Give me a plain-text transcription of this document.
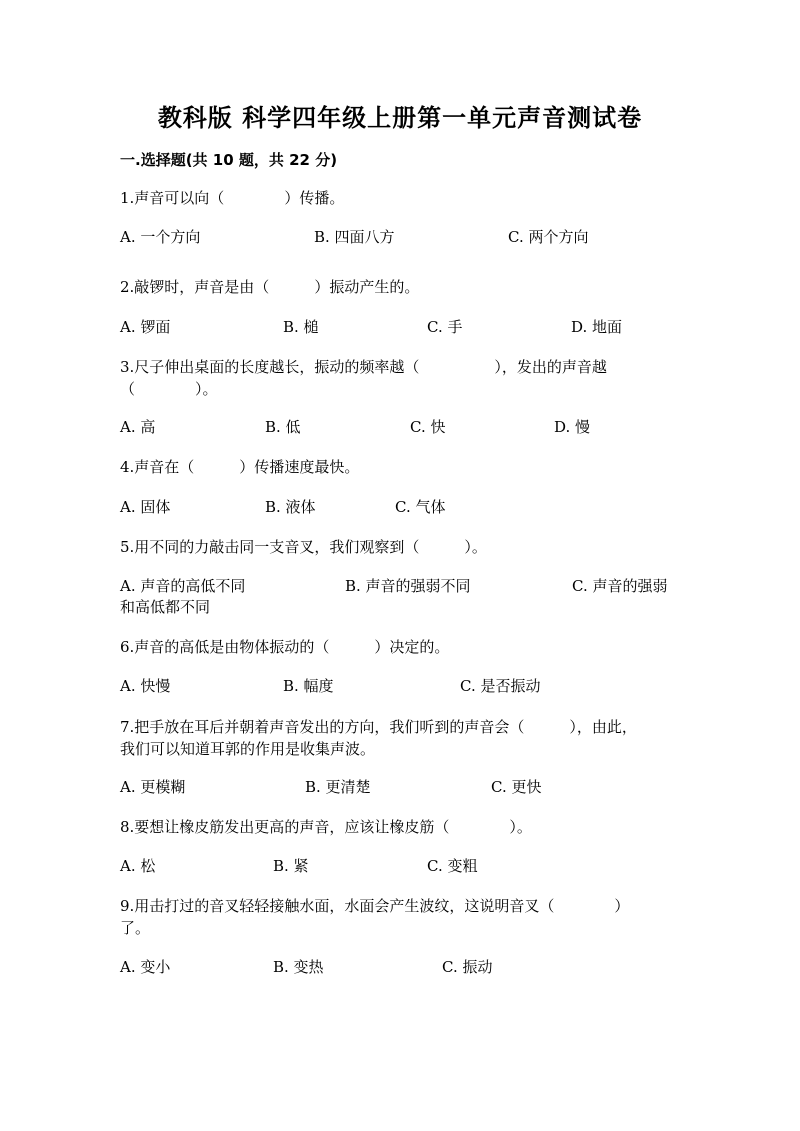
教科版 科学四年级上册第一单元声音测试卷
一.选择题(共 10 题，共 22 分)
1.声音可以向（　　　　）传播。
A. 一个方向	B. 四面八方	C. 两个方向
2.敲锣时，声音是由（　　　）振动产生的。
A. 锣面	B. 槌	C. 手	D. 地面
3.尺子伸出桌面的长度越长，振动的频率越（　　　　　），发出的声音越
（　　　　）。
A. 高	B. 低	C. 快	D. 慢
4.声音在（　　　）传播速度最快。
A. 固体	B. 液体	C. 气体
5.用不同的力敲击同一支音叉，我们观察到（　　　）。
A. 声音的高低不同	B. 声音的强弱不同	C. 声音的强弱
和高低都不同
6.声音的高低是由物体振动的（　　　）决定的。
A. 快慢	B. 幅度	C. 是否振动
7.把手放在耳后并朝着声音发出的方向，我们听到的声音会（　　　），由此，
我们可以知道耳郭的作用是收集声波。
A. 更模糊	B. 更清楚	C. 更快
8.要想让橡皮筋发出更高的声音，应该让橡皮筋（　　　　）。
A. 松	B. 紧	C. 变粗
9.用击打过的音叉轻轻接触水面，水面会产生波纹，这说明音叉（　　　　）
了。
A. 变小	B. 变热	C. 振动
